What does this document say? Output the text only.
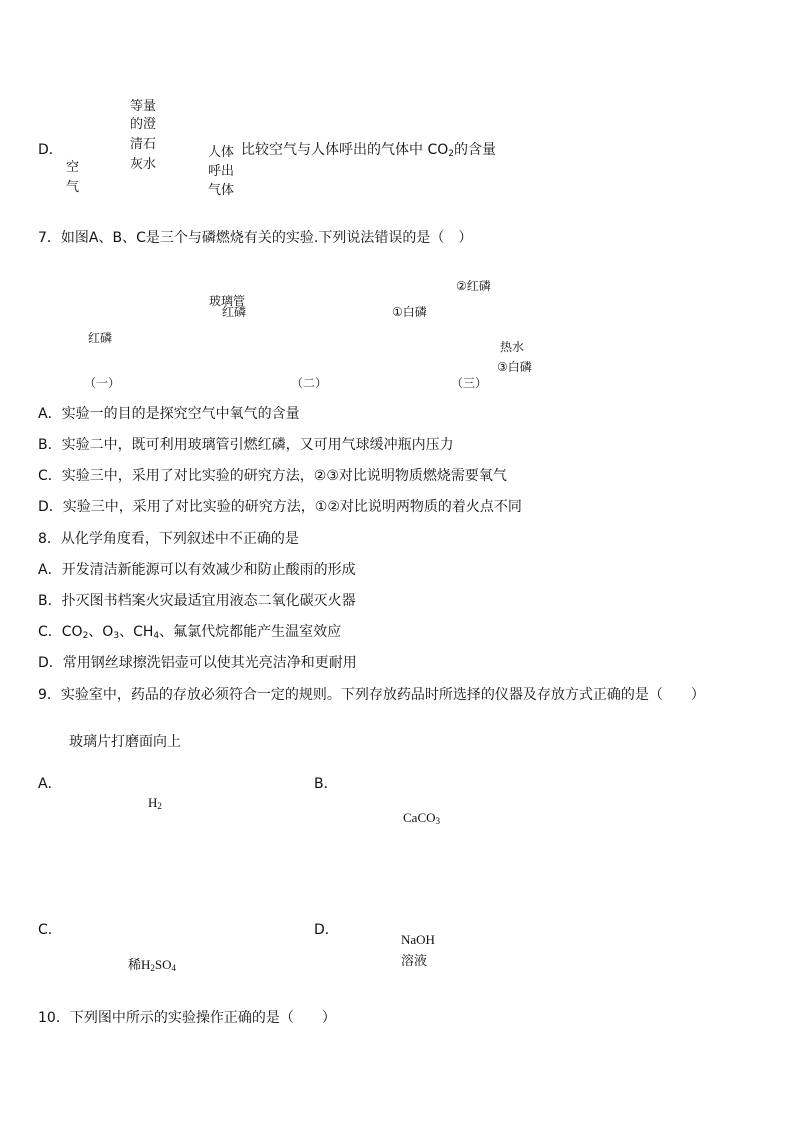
D．
等量
的澄
清石
灰水
空
气
人体
呼出
气体
比较空气与人体呼出的气体中 $CO_2$的含量
7．如图A、B、C是三个与磷燃烧有关的实验.下列说法错误的是（　）
红磷
（一）
玻璃管
红磷
（二）
②红磷
①白磷
热水
③白磷
（三）
A．实验一的目的是探究空气中氧气的含量
B．实验二中，既可利用玻璃管引燃红磷，又可用气球缓冲瓶内压力
C．实验三中，采用了对比实验的研究方法，②③对比说明物质燃烧需要氧气
D．实验三中，采用了对比实验的研究方法，①②对比说明两物质的着火点不同
8．从化学角度看，下列叙述中不正确的是
A．开发清洁新能源可以有效减少和防止酸雨的形成
B．扑灭图书档案火灾最适宜用液态二氧化碳灭火器
C．$CO_2$、$O_3$、$CH_4$、氟氯代烷都能产生温室效应
D．常用钢丝球擦洗铝壶可以使其光亮洁净和更耐用
9．实验室中，药品的存放必须符合一定的规则。下列存放药品时所选择的仪器及存放方式正确的是（　　）
玻璃片打磨面向上
A．
$H_2$
B．
CaCO$_3$
C．
稀$H_2SO_4$
D．
NaOH
溶液
10．下列图中所示的实验操作正确的是（　　）
